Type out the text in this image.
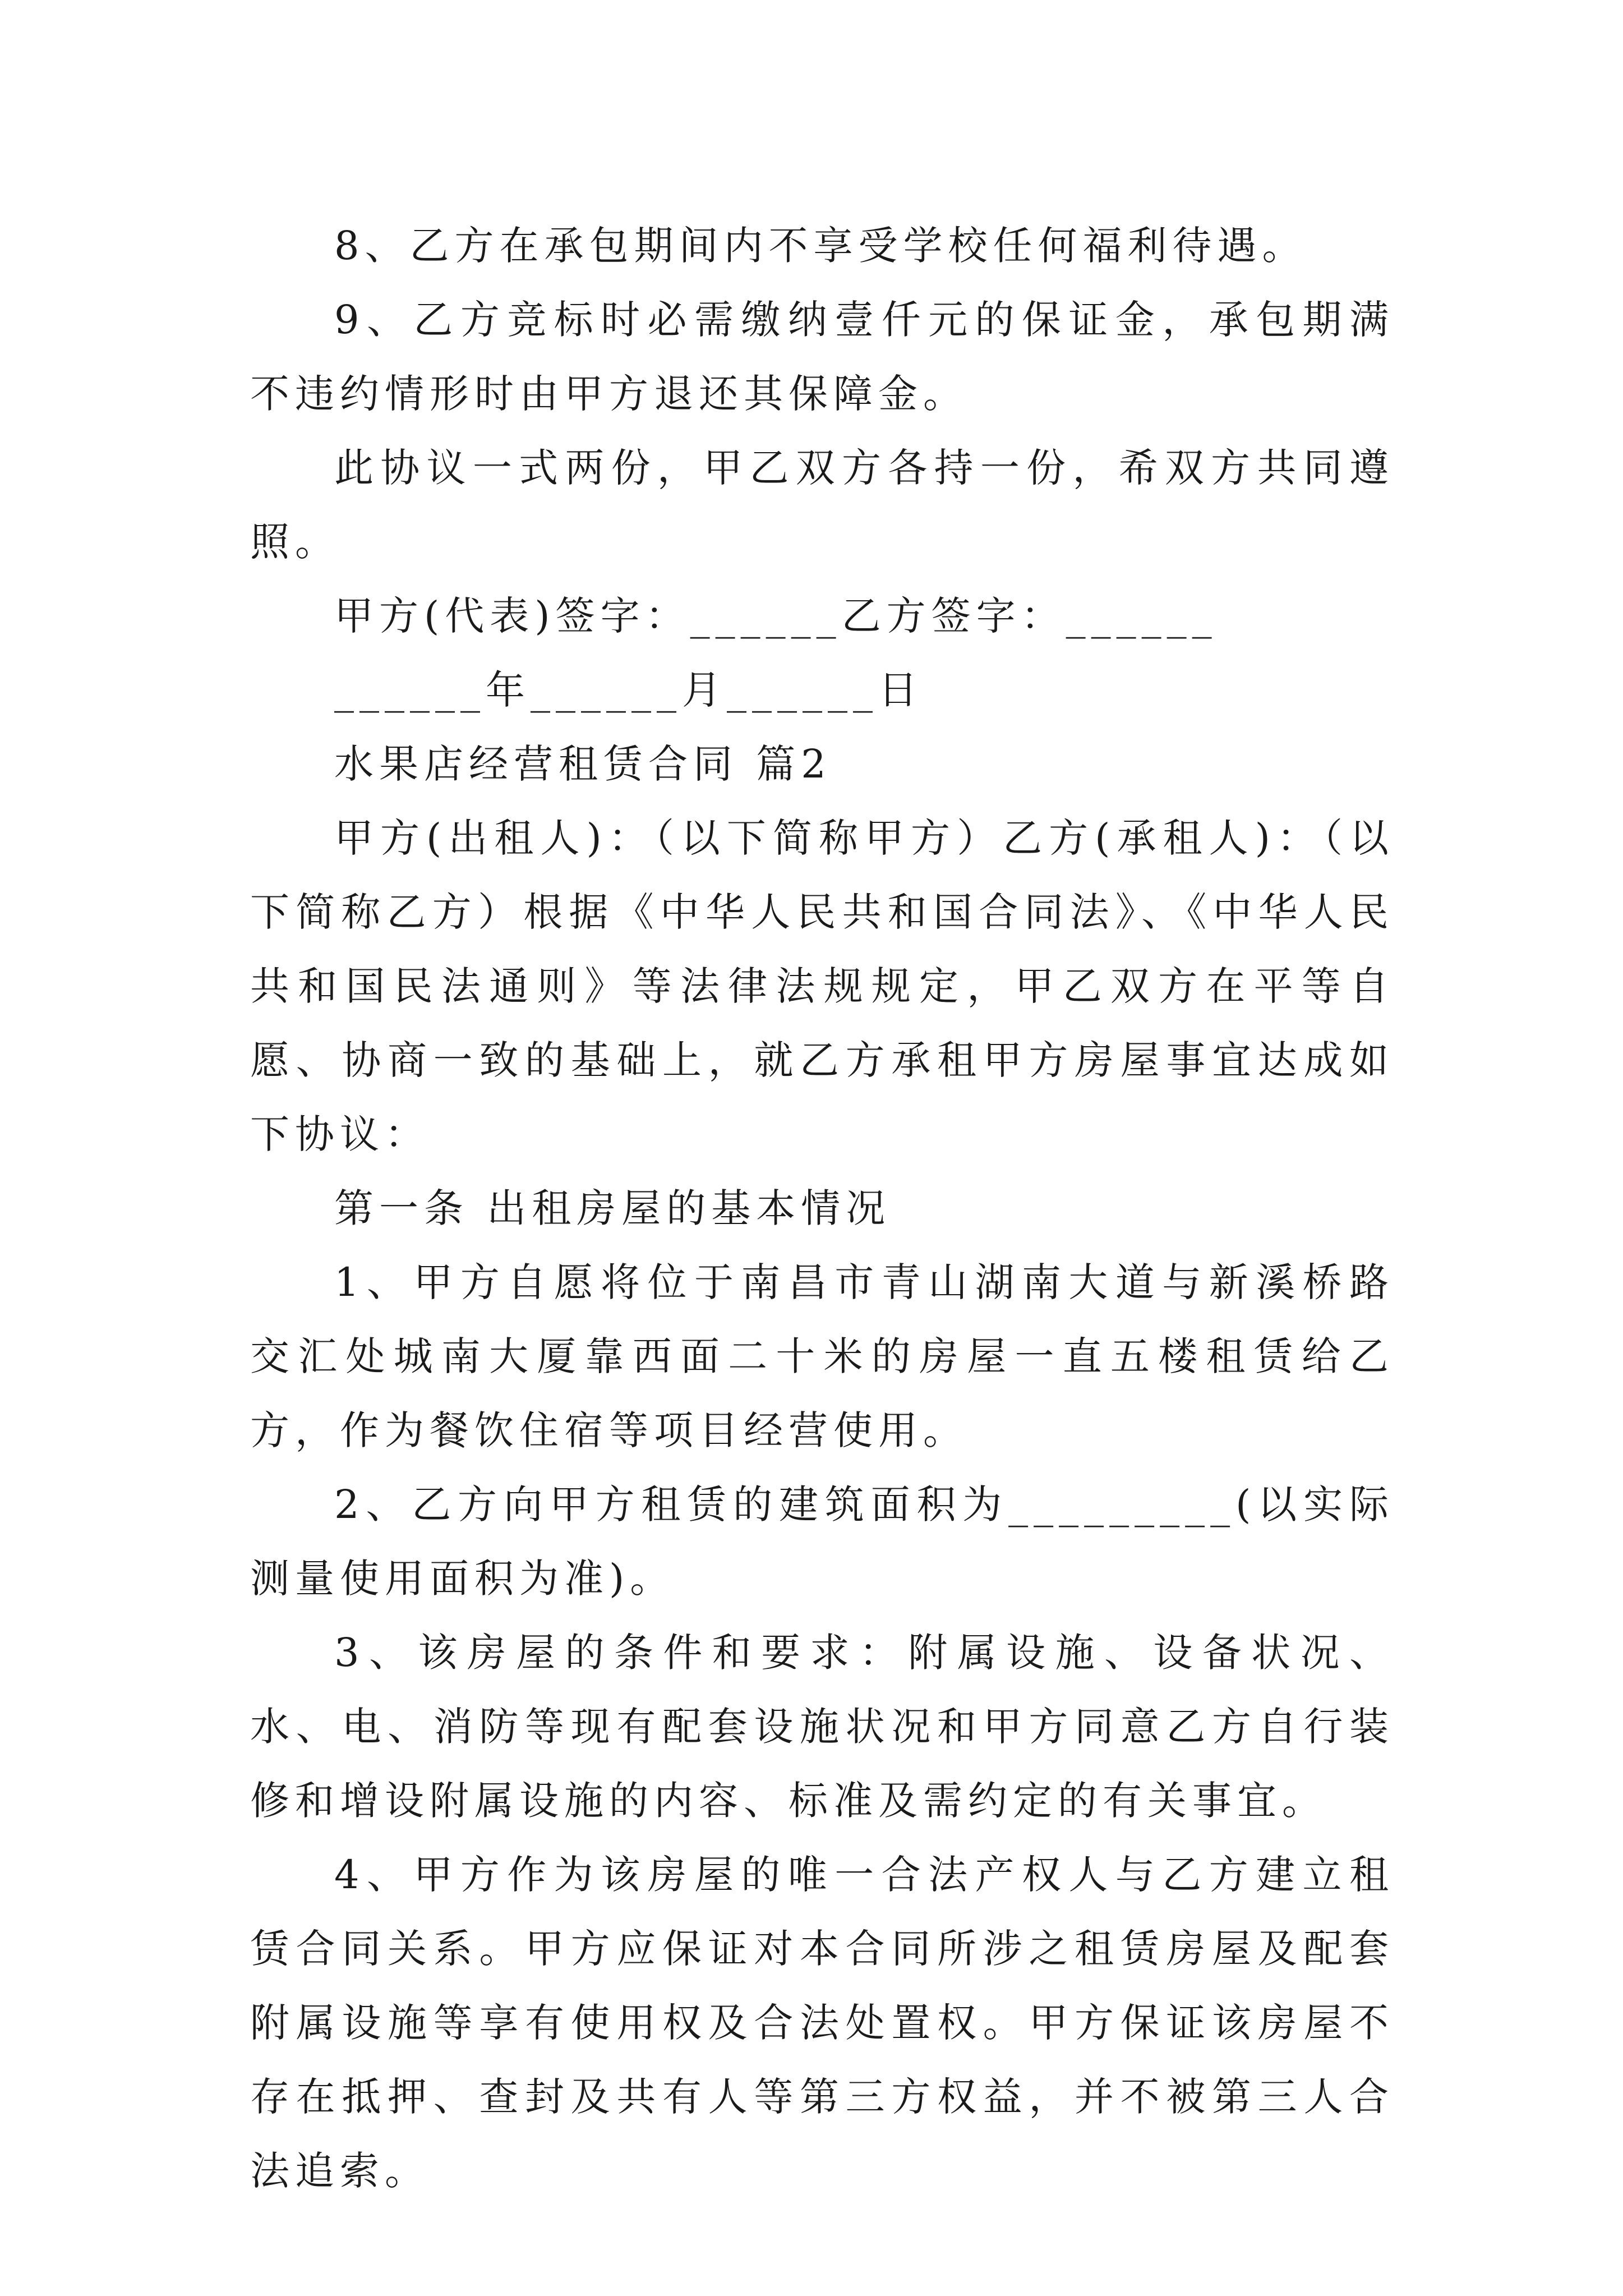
8、乙方在承包期间内不享受学校任何福利待遇。

9、乙方竞标时必需缴纳壹仟元的保证金，承包期满不违约情形时由甲方退还其保障金。

此协议一式两份，甲乙双方各持一份，希双方共同遵照。

甲方(代表)签字：______乙方签字：______

______年______月______日

水果店经营租赁合同 篇2

甲方(出租人)：（以下简称甲方）乙方(承租人)：（以下简称乙方）根据《中华人民共和国合同法》、《中华人民共和国民法通则》等法律法规规定，甲乙双方在平等自愿、协商一致的基础上，就乙方承租甲方房屋事宜达成如下协议：

第一条 出租房屋的基本情况

1、甲方自愿将位于南昌市青山湖南大道与新溪桥路交汇处城南大厦靠西面二十米的房屋一直五楼租赁给乙方，作为餐饮住宿等项目经营使用。

2、乙方向甲方租赁的建筑面积为_________(以实际测量使用面积为准)。

3、该房屋的条件和要求：附属设施、设备状况、水、电、消防等现有配套设施状况和甲方同意乙方自行装修和增设附属设施的内容、标准及需约定的有关事宜。

4、甲方作为该房屋的唯一合法产权人与乙方建立租赁合同关系。甲方应保证对本合同所涉之租赁房屋及配套附属设施等享有使用权及合法处置权。甲方保证该房屋不存在抵押、查封及共有人等第三方权益，并不被第三人合法追索。
